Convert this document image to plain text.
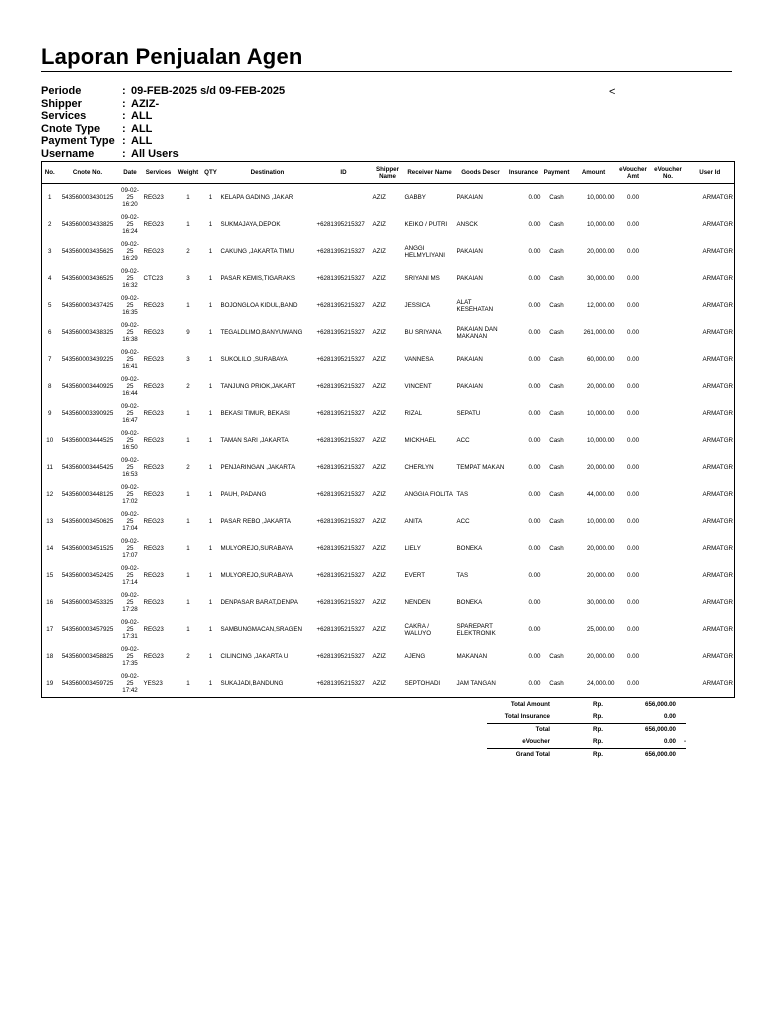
Laporan Penjualan Agen
<
Periode	: 09-FEB-2025 s/d 09-FEB-2025
Shipper	: AZIZ-
Services	: ALL
Cnote Type : ALL
Payment Type : ALL
Username	: All Users
No.	Cnote No.	Date	Services	Weight	QTY	Destination	ID	Shipper Name	Receiver Name	Goods Descr	Insurance	Payment	Amount	eVoucher Amt	eVoucher No.	User Id
1	543560003430125	09-02-25 16:20	REG23	1	1	KELAPA GADING ,JAKAR		AZIZ	GABBY	PAKAIAN	0.00	Cash	10,000.00	0.00		ARMATGR
2	543560003433825	09-02-25 16:24	REG23	1	1	SUKMAJAYA,DEPOK	+6281395215327	AZIZ	KEIKO / PUTRI	ANSCK	0.00	Cash	10,000.00	0.00		ARMATGR
3	543560003435625	09-02-25 16:29	REG23	2	1	CAKUNG ,JAKARTA TIMU	+6281395215327	AZIZ	ANGGI HELMYLIYANI	PAKAIAN	0.00	Cash	20,000.00	0.00		ARMATGR
4	543560003436525	09-02-25 16:32	CTC23	3	1	PASAR KEMIS,TIGARAKS	+6281395215327	AZIZ	SRIYANI MS	PAKAIAN	0.00	Cash	30,000.00	0.00		ARMATGR
5	543560003437425	09-02-25 16:35	REG23	1	1	BOJONGLOA KIDUL,BAND	+6281395215327	AZIZ	JESSICA	ALAT KESEHATAN	0.00	Cash	12,000.00	0.00		ARMATGR
6	543560003438325	09-02-25 16:38	REG23	9	1	TEGALDLIMO,BANYUWANG	+6281395215327	AZIZ	BU SRIYANA	PAKAIAN DAN MAKANAN	0.00	Cash	261,000.00	0.00		ARMATGR
7	543560003439225	09-02-25 16:41	REG23	3	1	SUKOLILO ,SURABAYA	+6281395215327	AZIZ	VANNESA	PAKAIAN	0.00	Cash	60,000.00	0.00		ARMATGR
8	543560003440925	09-02-25 16:44	REG23	2	1	TANJUNG PRIOK,JAKART	+6281395215327	AZIZ	VINCENT	PAKAIAN	0.00	Cash	20,000.00	0.00		ARMATGR
9	543560003390925	09-02-25 16:47	REG23	1	1	BEKASI TIMUR, BEKASI	+6281395215327	AZIZ	RIZAL	SEPATU	0.00	Cash	10,000.00	0.00		ARMATGR
10	543560003444525	09-02-25 16:50	REG23	1	1	TAMAN SARI ,JAKARTA	+6281395215327	AZIZ	MICKHAEL	ACC	0.00	Cash	10,000.00	0.00		ARMATGR
11	543560003445425	09-02-25 16:53	REG23	2	1	PENJARINGAN ,JAKARTA	+6281395215327	AZIZ	CHERLYN	TEMPAT MAKAN	0.00	Cash	20,000.00	0.00		ARMATGR
12	543560003448125	09-02-25 17:02	REG23	1	1	PAUH, PADANG	+6281395215327	AZIZ	ANGGIA FIOLITA	TAS	0.00	Cash	44,000.00	0.00		ARMATGR
13	543560003450625	09-02-25 17:04	REG23	1	1	PASAR REBO ,JAKARTA	+6281395215327	AZIZ	ANITA	ACC	0.00	Cash	10,000.00	0.00		ARMATGR
14	543560003451525	09-02-25 17:07	REG23	1	1	MULYOREJO,SURABAYA	+6281395215327	AZIZ	LIELY	BONEKA	0.00	Cash	20,000.00	0.00		ARMATGR
15	543560003452425	09-02-25 17:14	REG23	1	1	MULYOREJO,SURABAYA	+6281395215327	AZIZ	EVERT	TAS	0.00		20,000.00	0.00		ARMATGR
16	543560003453325	09-02-25 17:28	REG23	1	1	DENPASAR BARAT,DENPA	+6281395215327	AZIZ	NENDEN	BONEKA	0.00		30,000.00	0.00		ARMATGR
17	543560003457925	09-02-25 17:31	REG23	1	1	SAMBUNGMACAN,SRAGEN	+6281395215327	AZIZ	CAKRA / WALUYO	SPAREPART ELEKTRONIK	0.00		25,000.00	0.00		ARMATGR
18	543560003458825	09-02-25 17:35	REG23	2	1	CILINCING ,JAKARTA U	+6281395215327	AZIZ	AJENG	MAKANAN	0.00	Cash	20,000.00	0.00		ARMATGR
19	543560003459725	09-02-25 17:42	YES23	1	1	SUKAJADI,BANDUNG	+6281395215327	AZIZ	SEPTOHADI	JAM TANGAN	0.00	Cash	24,000.00	0.00		ARMATGR
Total Amount	Rp.	656,000.00
Total Insurance	Rp.	0.00
Total	Rp.	656,000.00
eVoucher	Rp.	0.00 -
Grand Total	Rp.	656,000.00
